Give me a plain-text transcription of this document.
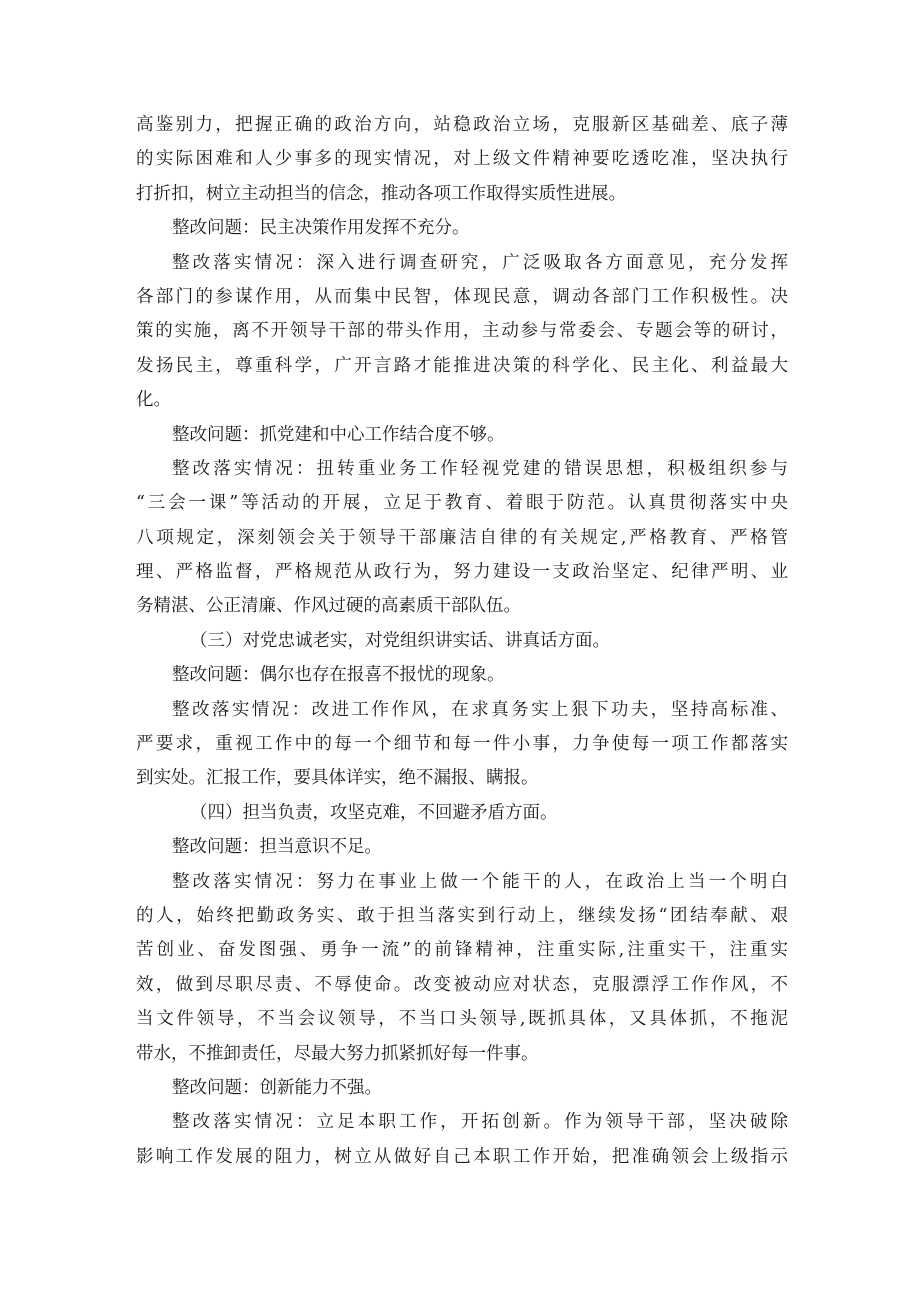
高鉴别力，把握正确的政治方向，站稳政治立场，克服新区基础差、底子薄
的实际困难和人少事多的现实情况，对上级文件精神要吃透吃准，坚决执行
打折扣，树立主动担当的信念，推动各项工作取得实质性进展。
整改问题：民主决策作用发挥不充分。
整改落实情况：深入进行调查研究，广泛吸取各方面意见，充分发挥
各部门的参谋作用，从而集中民智，体现民意，调动各部门工作积极性。决
策的实施，离不开领导干部的带头作用，主动参与常委会、专题会等的研讨，
发扬民主，尊重科学，广开言路才能推进决策的科学化、民主化、利益最大
化。
整改问题：抓党建和中心工作结合度不够。
整改落实情况：扭转重业务工作轻视党建的错误思想，积极组织参与
“三会一课”等活动的开展，立足于教育、着眼于防范。认真贯彻落实中央
八项规定，深刻领会关于领导干部廉洁自律的有关规定,严格教育、严格管
理、严格监督，严格规范从政行为，努力建设一支政治坚定、纪律严明、业
务精湛、公正清廉、作风过硬的高素质干部队伍。
（三）对党忠诚老实，对党组织讲实话、讲真话方面。
整改问题：偶尔也存在报喜不报忧的现象。
整改落实情况：改进工作作风，在求真务实上狠下功夫，坚持高标准、
严要求，重视工作中的每一个细节和每一件小事，力争使每一项工作都落实
到实处。汇报工作，要具体详实，绝不漏报、瞒报。
（四）担当负责，攻坚克难，不回避矛盾方面。
整改问题：担当意识不足。
整改落实情况：努力在事业上做一个能干的人，在政治上当一个明白
的人，始终把勤政务实、敢于担当落实到行动上，继续发扬“团结奉献、艰
苦创业、奋发图强、勇争一流”的前锋精神，注重实际,注重实干，注重实
效，做到尽职尽责、不辱使命。改变被动应对状态，克服漂浮工作作风，不
当文件领导，不当会议领导，不当口头领导,既抓具体，又具体抓，不拖泥
带水，不推卸责任，尽最大努力抓紧抓好每一件事。
整改问题：创新能力不强。
整改落实情况：立足本职工作，开拓创新。作为领导干部，坚决破除
影响工作发展的阻力，树立从做好自己本职工作开始，把准确领会上级指示
